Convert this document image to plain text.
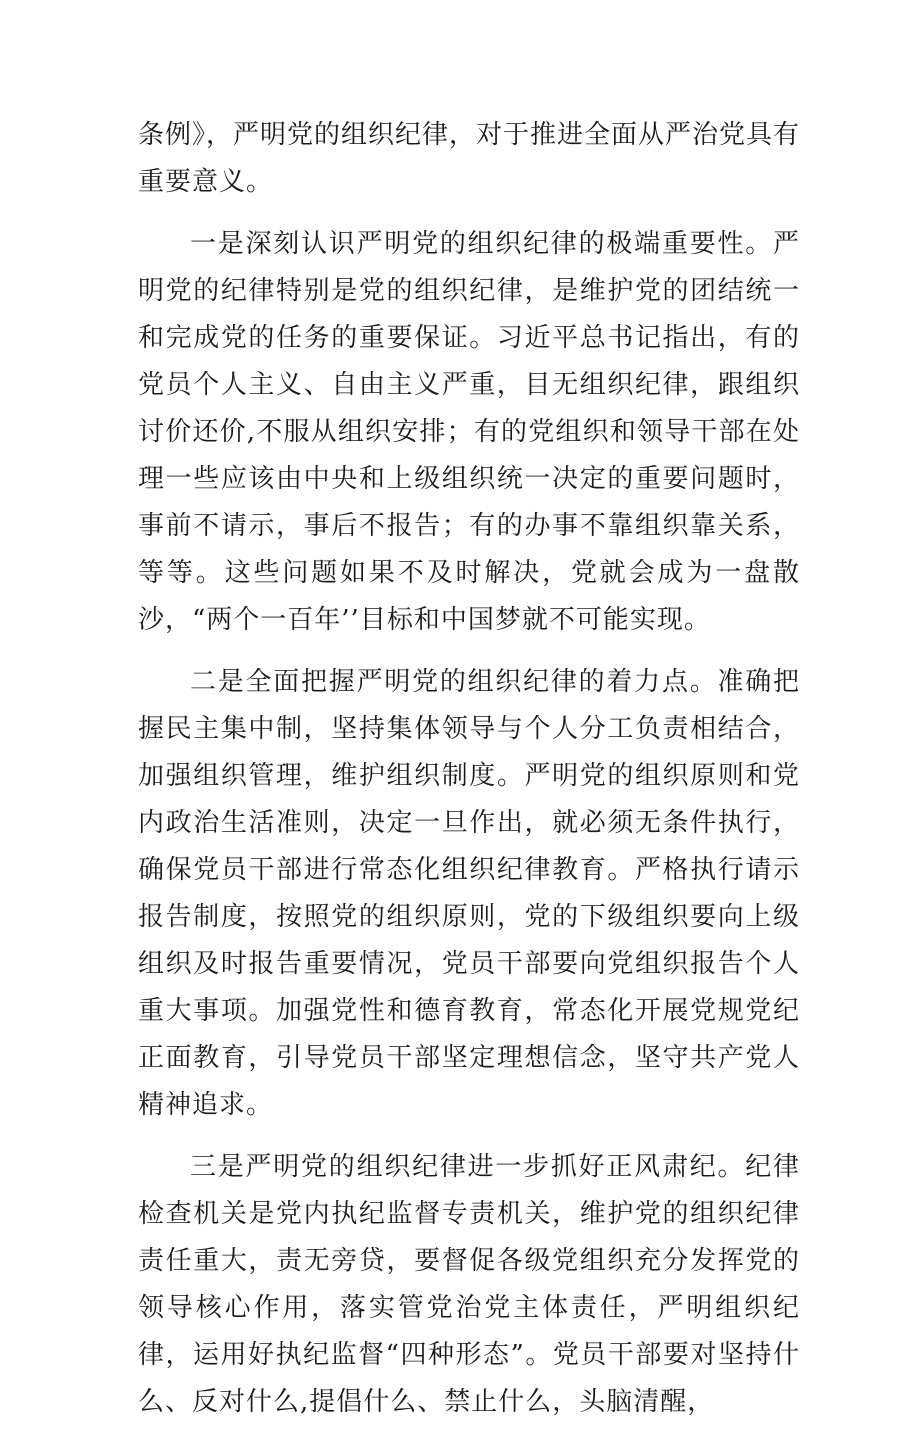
条例》，严明党的组织纪律，对于推进全面从严治党具有重要意义。

一是深刻认识严明党的组织纪律的极端重要性。严明党的纪律特别是党的组织纪律，是维护党的团结统一和完成党的任务的重要保证。习近平总书记指出，有的党员个人主义、自由主义严重，目无组织纪律，跟组织讨价还价,不服从组织安排；有的党组织和领导干部在处理一些应该由中央和上级组织统一决定的重要问题时，事前不请示，事后不报告；有的办事不靠组织靠关系，等等。这些问题如果不及时解决，党就会成为一盘散沙，“两个一百年’’目标和中国梦就不可能实现。

二是全面把握严明党的组织纪律的着力点。准确把握民主集中制，坚持集体领导与个人分工负责相结合，加强组织管理，维护组织制度。严明党的组织原则和党内政治生活准则，决定一旦作出，就必须无条件执行，确保党员干部进行常态化组织纪律教育。严格执行请示报告制度，按照党的组织原则，党的下级组织要向上级组织及时报告重要情况，党员干部要向党组织报告个人重大事项。加强党性和德育教育，常态化开展党规党纪正面教育，引导党员干部坚定理想信念，坚守共产党人精神追求。

三是严明党的组织纪律进一步抓好正风肃纪。纪律检查机关是党内执纪监督专责机关，维护党的组织纪律责任重大，责无旁贷，要督促各级党组织充分发挥党的领导核心作用，落实管党治党主体责任，严明组织纪律，运用好执纪监督“四种形态”。党员干部要对坚持什么、反对什么,提倡什么、禁止什么，头脑清醒，
